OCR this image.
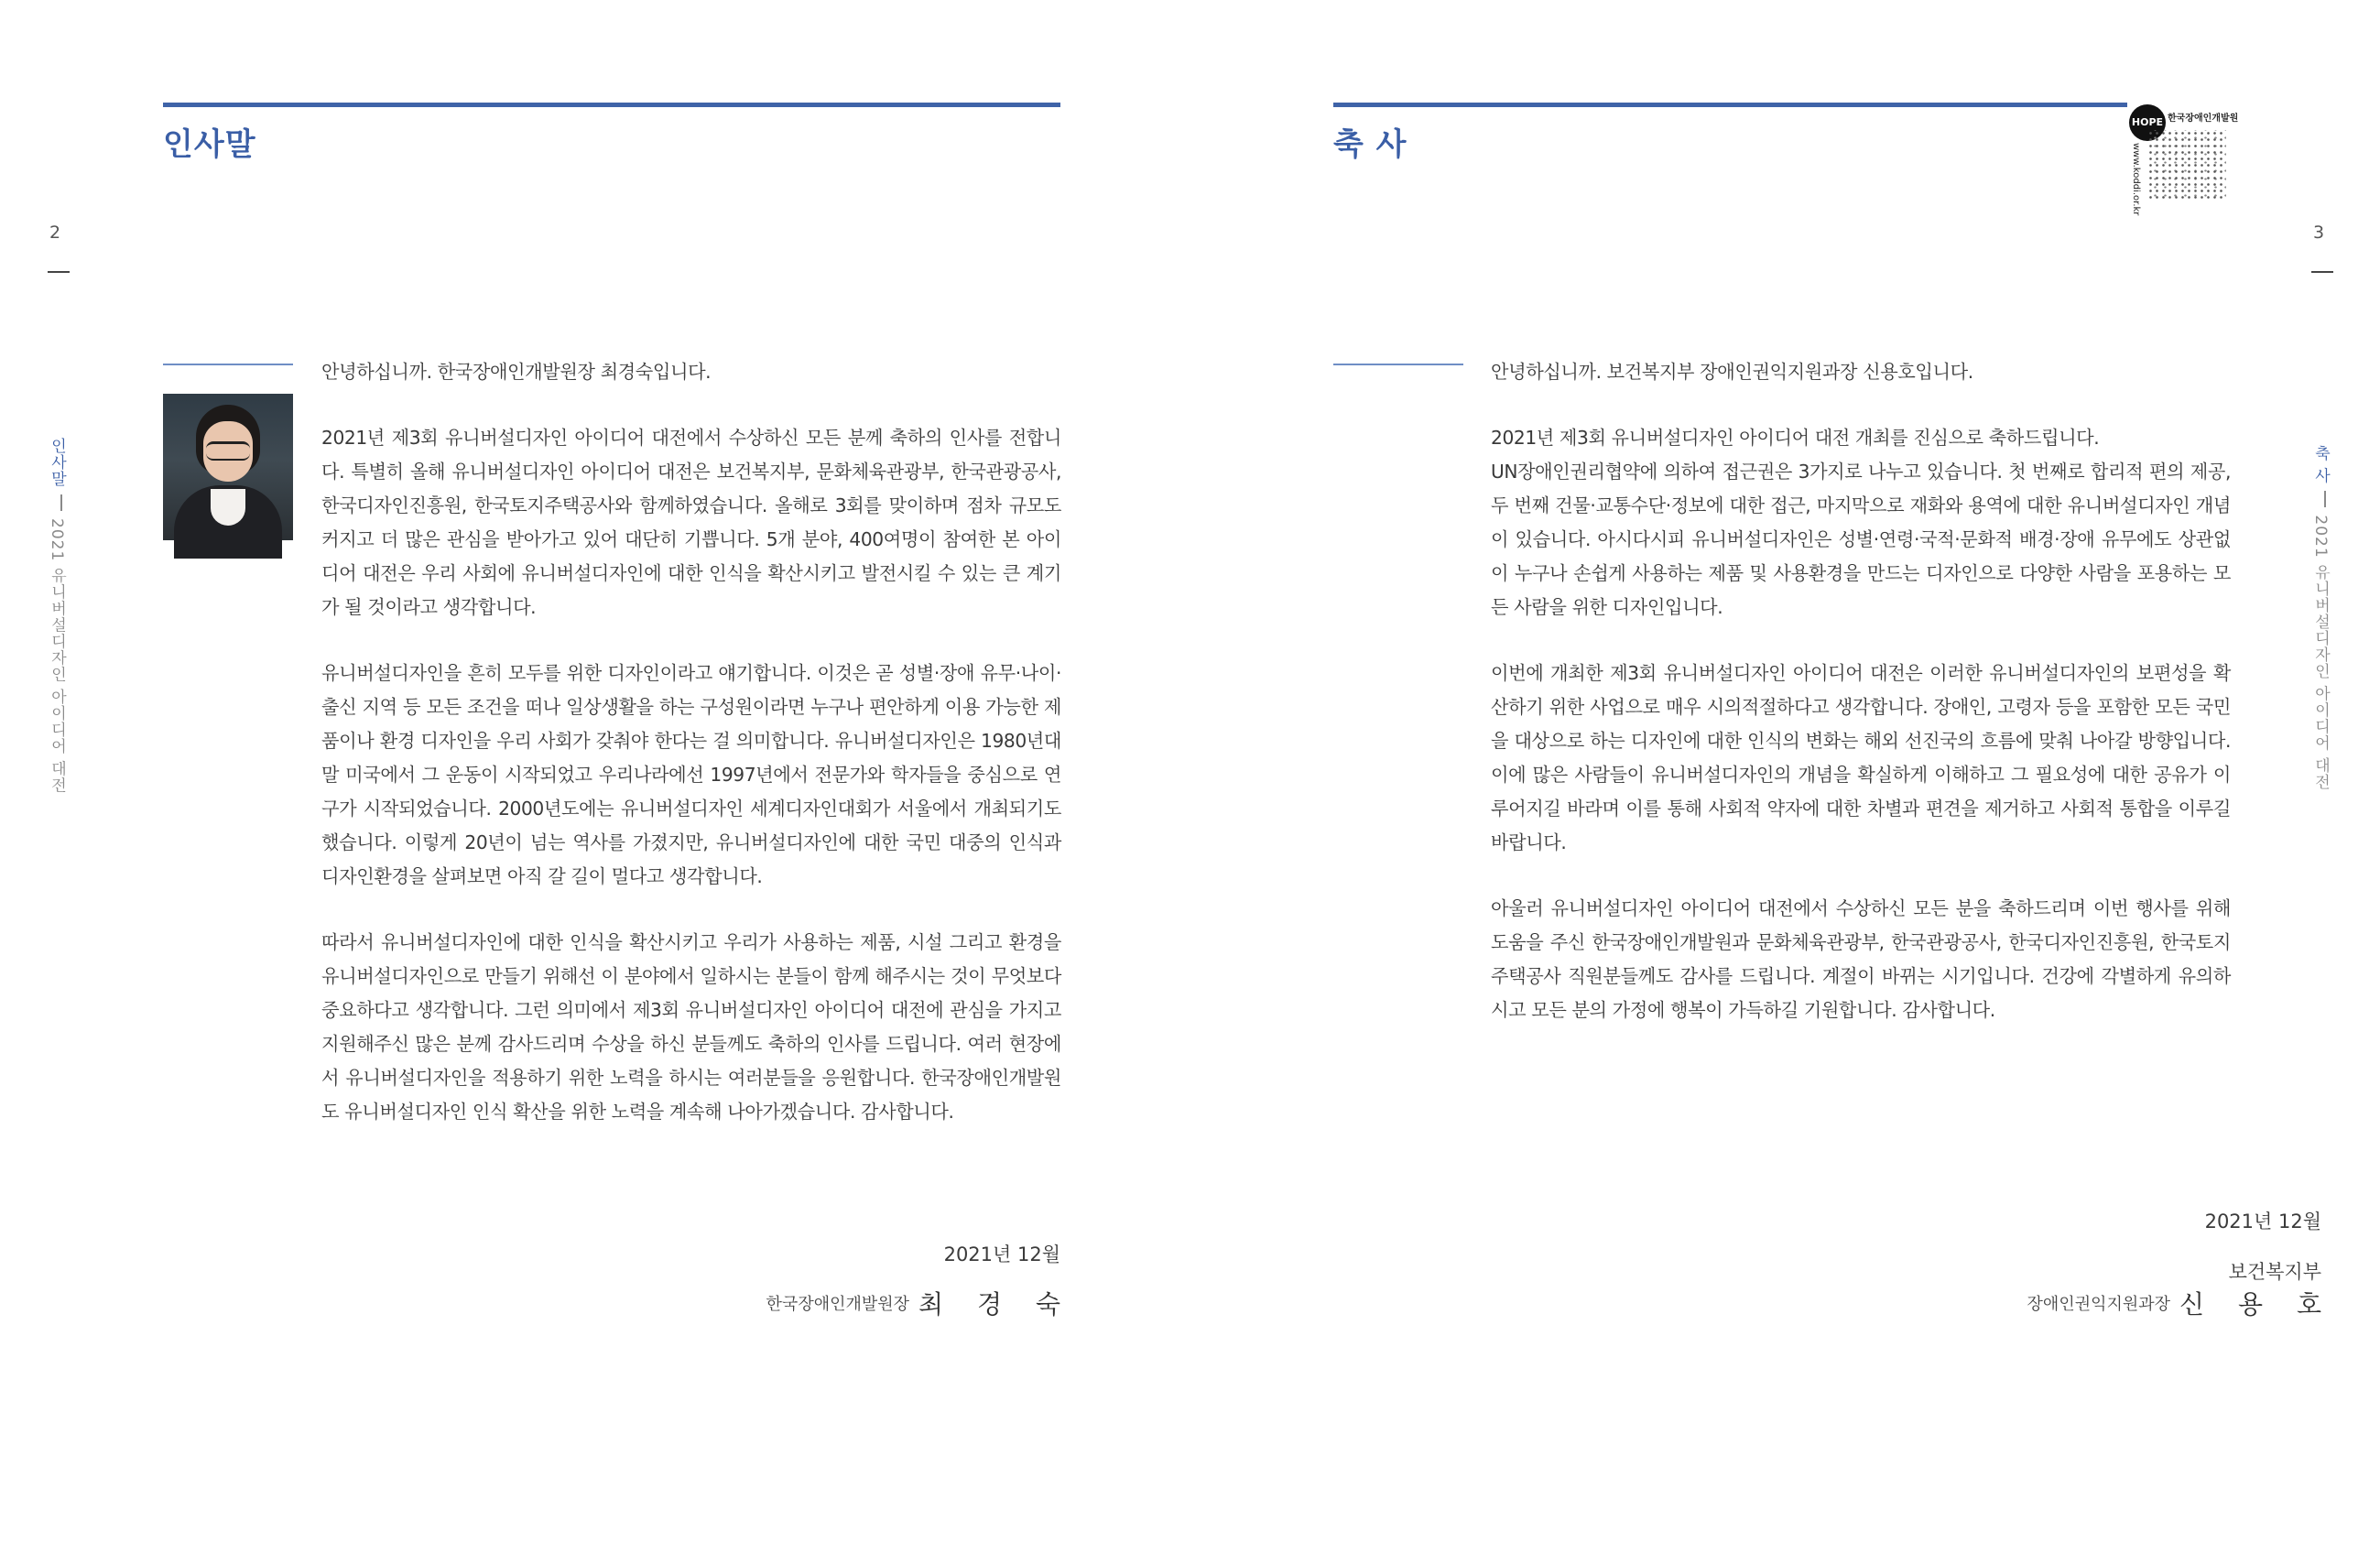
인사말
2
인사말2021 유니버설디자인 아이디어 대전

안녕하십니까. 한국장애인개발원장 최경숙입니다.

2021년 제3회 유니버설디자인 아이디어 대전에서 수상하신 모든 분께 축하의 인사를 전합니다. 특별히 올해 유니버설디자인 아이디어 대전은 보건복지부, 문화체육관광부, 한국관광공사, 한국디자인진흥원, 한국토지주택공사와 함께하였습니다. 올해로 3회를 맞이하며 점차 규모도 커지고 더 많은 관심을 받아가고 있어 대단히 기쁩니다. 5개 분야, 400여명이 참여한 본 아이디어 대전은 우리 사회에 유니버설디자인에 대한 인식을 확산시키고 발전시킬 수 있는 큰 계기가 될 것이라고 생각합니다.

유니버설디자인을 흔히 모두를 위한 디자인이라고 얘기합니다. 이것은 곧 성별·장애 유무·나이·출신 지역 등 모든 조건을 떠나 일상생활을 하는 구성원이라면 누구나 편안하게 이용 가능한 제품이나 환경 디자인을 우리 사회가 갖춰야 한다는 걸 의미합니다. 유니버설디자인은 1980년대 말 미국에서 그 운동이 시작되었고 우리나라에선 1997년에서 전문가와 학자들을 중심으로 연구가 시작되었습니다. 2000년도에는 유니버설디자인 세계디자인대회가 서울에서 개최되기도 했습니다. 이렇게 20년이 넘는 역사를 가졌지만, 유니버설디자인에 대한 국민 대중의 인식과 디자인환경을 살펴보면 아직 갈 길이 멀다고 생각합니다.

따라서 유니버설디자인에 대한 인식을 확산시키고 우리가 사용하는 제품, 시설 그리고 환경을 유니버설디자인으로 만들기 위해선 이 분야에서 일하시는 분들이 함께 해주시는 것이 무엇보다 중요하다고 생각합니다. 그런 의미에서 제3회 유니버설디자인 아이디어 대전에 관심을 가지고 지원해주신 많은 분께 감사드리며 수상을 하신 분들께도 축하의 인사를 드립니다. 여러 현장에서 유니버설디자인을 적용하기 위한 노력을 하시는 여러분들을 응원합니다. 한국장애인개발원도 유니버설디자인 인식 확산을 위한 노력을 계속해 나아가겠습니다. 감사합니다.

2021년 12월
한국장애인개발원장 최 경 숙
축 사
3
축 사2021 유니버설디자인 아이디어 대전

안녕하십니까. 보건복지부 장애인권익지원과장 신용호입니다.

2021년 제3회 유니버설디자인 아이디어 대전 개최를 진심으로 축하드립니다.

UN장애인권리협약에 의하여 접근권은 3가지로 나누고 있습니다. 첫 번째로 합리적 편의 제공, 두 번째 건물·교통수단·정보에 대한 접근, 마지막으로 재화와 용역에 대한 유니버설디자인 개념이 있습니다. 아시다시피 유니버설디자인은 성별·연령·국적·문화적 배경·장애 유무에도 상관없이 누구나 손쉽게 사용하는 제품 및 사용환경을 만드는 디자인으로 다양한 사람을 포용하는 모든 사람을 위한 디자인입니다.

이번에 개최한 제3회 유니버설디자인 아이디어 대전은 이러한 유니버설디자인의 보편성을 확산하기 위한 사업으로 매우 시의적절하다고 생각합니다. 장애인, 고령자 등을 포함한 모든 국민을 대상으로 하는 디자인에 대한 인식의 변화는 해외 선진국의 흐름에 맞춰 나아갈 방향입니다. 이에 많은 사람들이 유니버설디자인의 개념을 확실하게 이해하고 그 필요성에 대한 공유가 이루어지길 바라며 이를 통해 사회적 약자에 대한 차별과 편견을 제거하고 사회적 통합을 이루길 바랍니다.

아울러 유니버설디자인 아이디어 대전에서 수상하신 모든 분을 축하드리며 이번 행사를 위해 도움을 주신 한국장애인개발원과 문화체육관광부, 한국관광공사, 한국디자인진흥원, 한국토지주택공사 직원분들께도 감사를 드립니다. 계절이 바뀌는 시기입니다. 건강에 각별하게 유의하시고 모든 분의 가정에 행복이 가득하길 기원합니다. 감사합니다.

2021년 12월
보건복지부
장애인권익지원과장 신 용 호
HOPE 한국장애인개발원
www.koddi.or.kr
